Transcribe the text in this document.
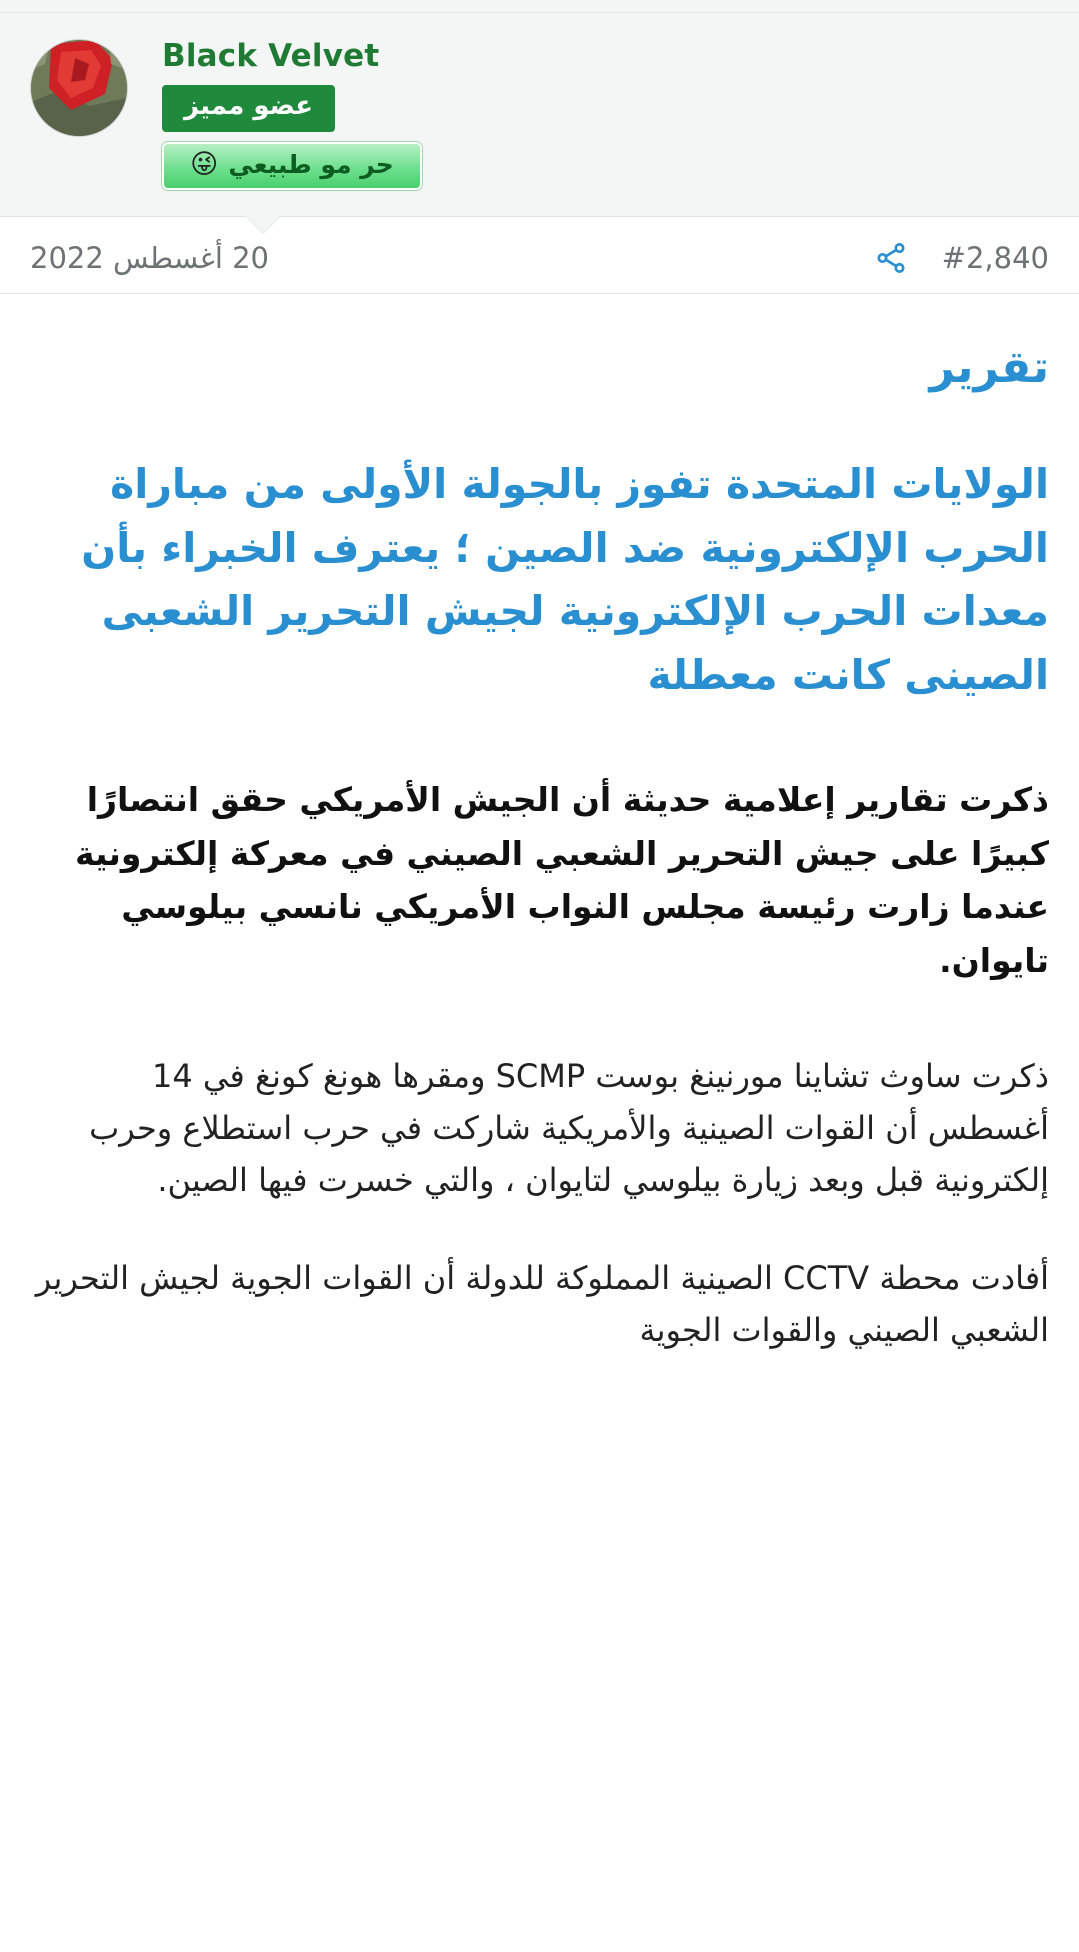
Black Velvet
عضو مميز
😜 حر مو طبيعي
#2,840
20 أغسطس 2022
تقرير
الولايات المتحدة تفوز بالجولة الأولى من مباراة الحرب الإلكترونية ضد الصين ؛ يعترف الخبراء بأن معدات الحرب الإلكترونية لجيش التحرير الشعبى الصينى كانت معطلة
ذكرت تقارير إعلامية حديثة أن الجيش الأمريكي حقق انتصارًا كبيرًا على جيش التحرير الشعبي الصيني في معركة إلكترونية عندما زارت رئيسة مجلس النواب الأمريكي نانسي بيلوسي تايوان.
ذكرت ساوث تشاينا مورنينغ بوست SCMP ومقرها هونغ كونغ في 14 أغسطس أن القوات الصينية والأمريكية شاركت في حرب استطلاع وحرب إلكترونية قبل وبعد زيارة بيلوسي لتايوان ، والتي خسرت فيها الصين.
أفادت محطة CCTV الصينية المملوكة للدولة أن القوات الجوية لجيش التحرير الشعبي الصيني والقوات الجوية
